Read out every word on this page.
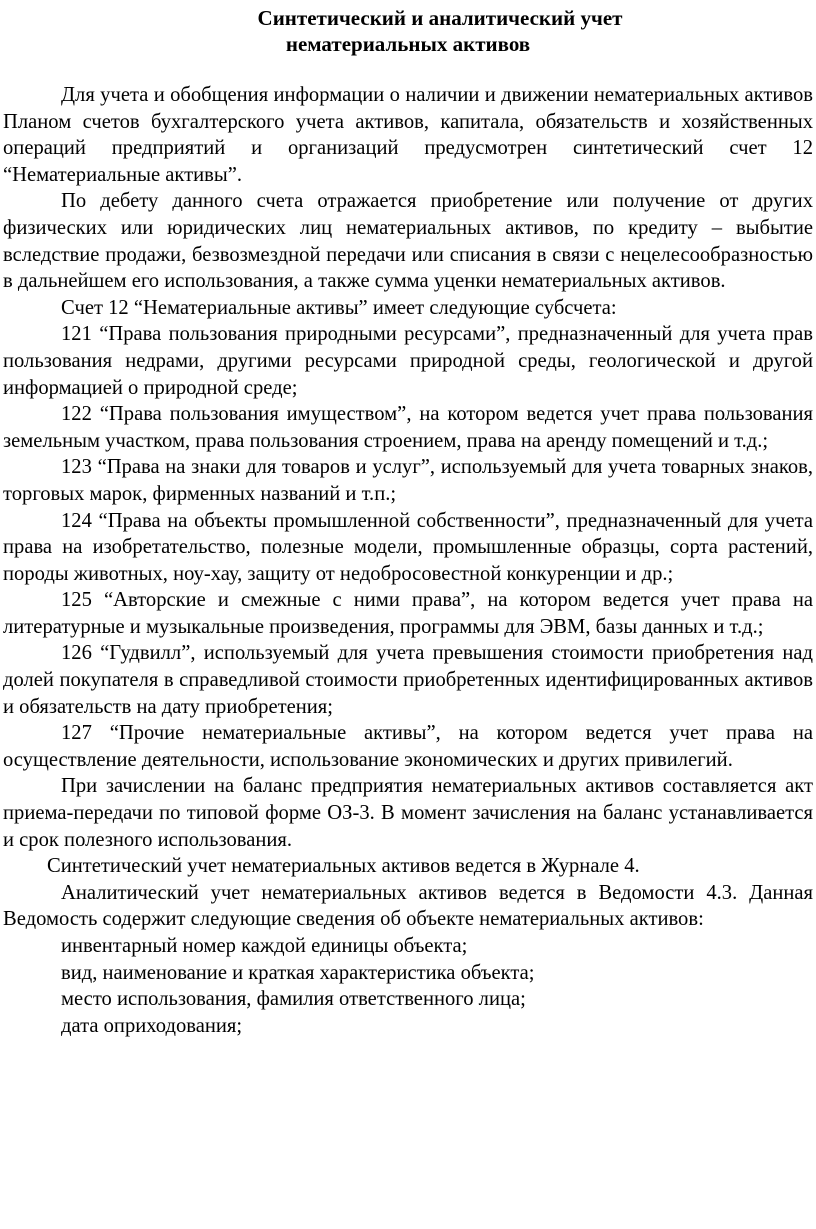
Синтетический и аналитический учет
нематериальных активов

Для учета и обобщения информации о наличии и движении нематериальных активов Планом счетов бухгалтерского учета активов, капитала, обязательств и хозяйственных операций предприятий и организаций предусмотрен синтетический счет 12 “Нематериальные активы”.

По дебету данного счета отражается приобретение или получение от других физических или юридических лиц нематериальных активов, по кредиту – выбытие вследствие продажи, безвозмездной передачи или списания в связи с нецелесообразностью в дальнейшем его использования, а также сумма уценки нематериальных активов.

Счет 12 “Нематериальные активы” имеет следующие субсчета:

121 “Права пользования природными ресурсами”, предназначенный для учета прав пользования недрами, другими ресурсами природной среды, геологической и другой информацией о природной среде;

122 “Права пользования имуществом”, на котором ведется учет права пользования земельным участком, права пользования строением, права на аренду помещений и т.д.;

123 “Права на знаки для товаров и услуг”, используемый для учета товарных знаков, торговых марок, фирменных названий и т.п.;

124 “Права на объекты промышленной собственности”, предназначенный для учета права на изобретательство, полезные модели, промышленные образцы, сорта растений, породы животных, ноу-хау, защиту от недобросовестной конкуренции и др.;

125 “Авторские и смежные с ними права”, на котором ведется учет права на литературные и музыкальные произведения, программы для ЭВМ, базы данных и т.д.;

126 “Гудвилл”, используемый для учета превышения стоимости приобретения над долей покупателя в справедливой стоимости приобретенных идентифицированных активов и обязательств на дату приобретения;

127 “Прочие нематериальные активы”, на котором ведется учет права на осуществление деятельности, использование экономических и других привилегий.

При зачислении на баланс предприятия нематериальных активов составляется акт приема-передачи по типовой форме ОЗ-3. В момент зачисления на баланс устанавливается и срок полезного использования.

Синтетический учет нематериальных активов ведется в Журнале 4.

Аналитический учет нематериальных активов ведется в Ведомости 4.3. Данная Ведомость содержит следующие сведения об объекте нематериальных активов:

инвентарный номер каждой единицы объекта;

вид, наименование и краткая характеристика объекта;

место использования, фамилия ответственного лица;

дата оприходования;
